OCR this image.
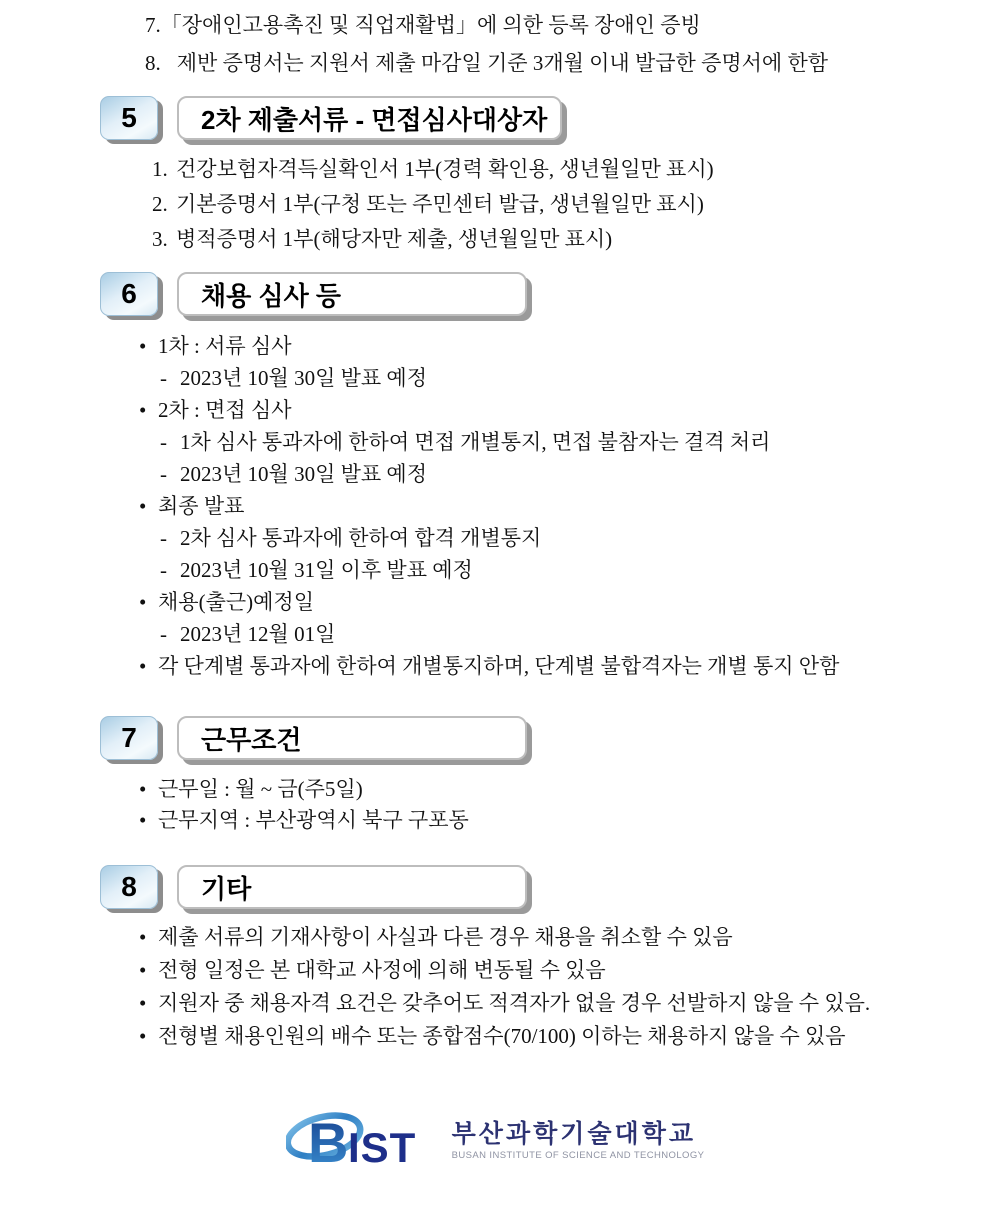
7. 「장애인고용촉진 및 직업재활법」에 의한 등록 장애인 증빙
8. 제반 증명서는 지원서 제출 마감일 기준 3개월 이내 발급한 증명서에 한함
5	2차 제출서류 - 면접심사대상자
1. 건강보험자격득실확인서 1부(경력 확인용, 생년월일만 표시)
2. 기본증명서 1부(구청 또는 주민센터 발급, 생년월일만 표시)
3. 병적증명서 1부(해당자만 제출, 생년월일만 표시)
6	채용 심사 등
• 1차 : 서류 심사
- 2023년 10월 30일 발표 예정
• 2차 : 면접 심사
- 1차 심사 통과자에 한하여 면접 개별통지, 면접 불참자는 결격 처리
- 2023년 10월 30일 발표 예정
• 최종 발표
- 2차 심사 통과자에 한하여 합격 개별통지
- 2023년 10월 31일 이후 발표 예정
• 채용(출근)예정일
- 2023년 12월 01일
• 각 단계별 통과자에 한하여 개별통지하며, 단계별 불합격자는 개별 통지 안함
7	근무조건
• 근무일 : 월 ~ 금(주5일)
• 근무지역 : 부산광역시 북구 구포동
8	기타
• 제출 서류의 기재사항이 사실과 다른 경우 채용을 취소할 수 있음
• 전형 일정은 본 대학교 사정에 의해 변동될 수 있음
• 지원자 중 채용자격 요건은 갖추어도 적격자가 없을 경우 선발하지 않을 수 있음.
• 전형별 채용인원의 배수 또는 종합점수(70/100) 이하는 채용하지 않을 수 있음
B IST 부산과학기술대학교
BUSAN INSTITUTE OF SCIENCE AND TECHNOLOGY
